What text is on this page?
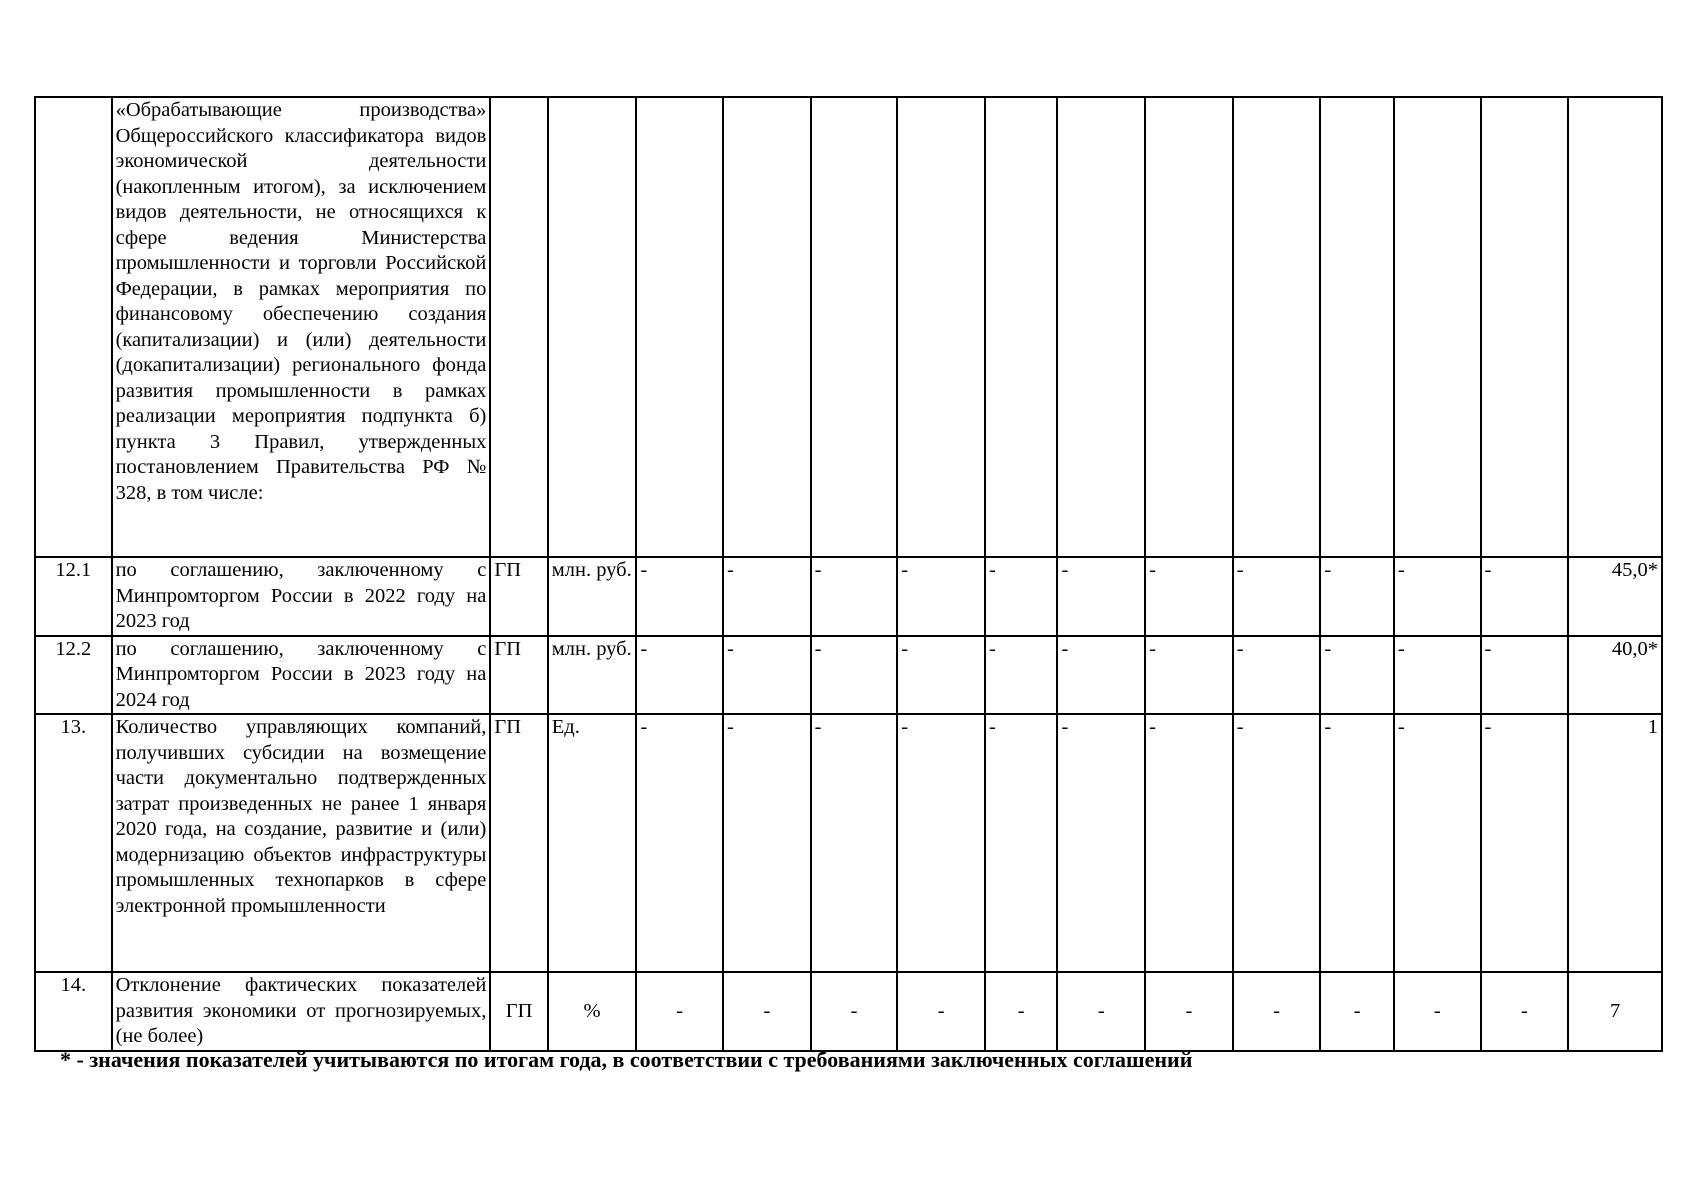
	«Обрабатывающие производства» Общероссийского классификатора видов экономической деятельности (накопленным итогом), за исключением видов деятельности, не относящихся к сфере ведения Министерства промышленности и торговли Российской Федерации, в рамках мероприятия по финансовому обеспечению создания (капитализации) и (или) деятельности (докапитализации) регионального фонда развития промышленности в рамках реализации мероприятия подпункта б) пункта 3 Правил, утвержденных постановлением Правительства РФ № 328, в том числе:														
12.1	по соглашению, заключенному с Минпромторгом России в 2022 году на 2023 год	ГП	млн. руб.	-	-	-	-	-	-	-	-	-	-	-	45,0*
12.2	по соглашению, заключенному с Минпромторгом России в 2023 году на 2024 год	ГП	млн. руб.	-	-	-	-	-	-	-	-	-	-	-	40,0*
13.	Количество управляющих компаний, получивших субсидии на возмещение части документально подтвержденных затрат произведенных не ранее 1 января 2020 года, на создание, развитие и (или) модернизацию объектов инфраструктуры промышленных технопарков в сфере электронной промышленности	ГП	Ед.	-	-	-	-	-	-	-	-	-	-	-	1
14.	Отклонение фактических показателей развития экономики от прогнозируемых, (не более)	ГП	%	-	-	-	-	-	-	-	-	-	-	-	7
* - значения показателей учитываются по итогам года, в соответствии с требованиями заключенных соглашений
